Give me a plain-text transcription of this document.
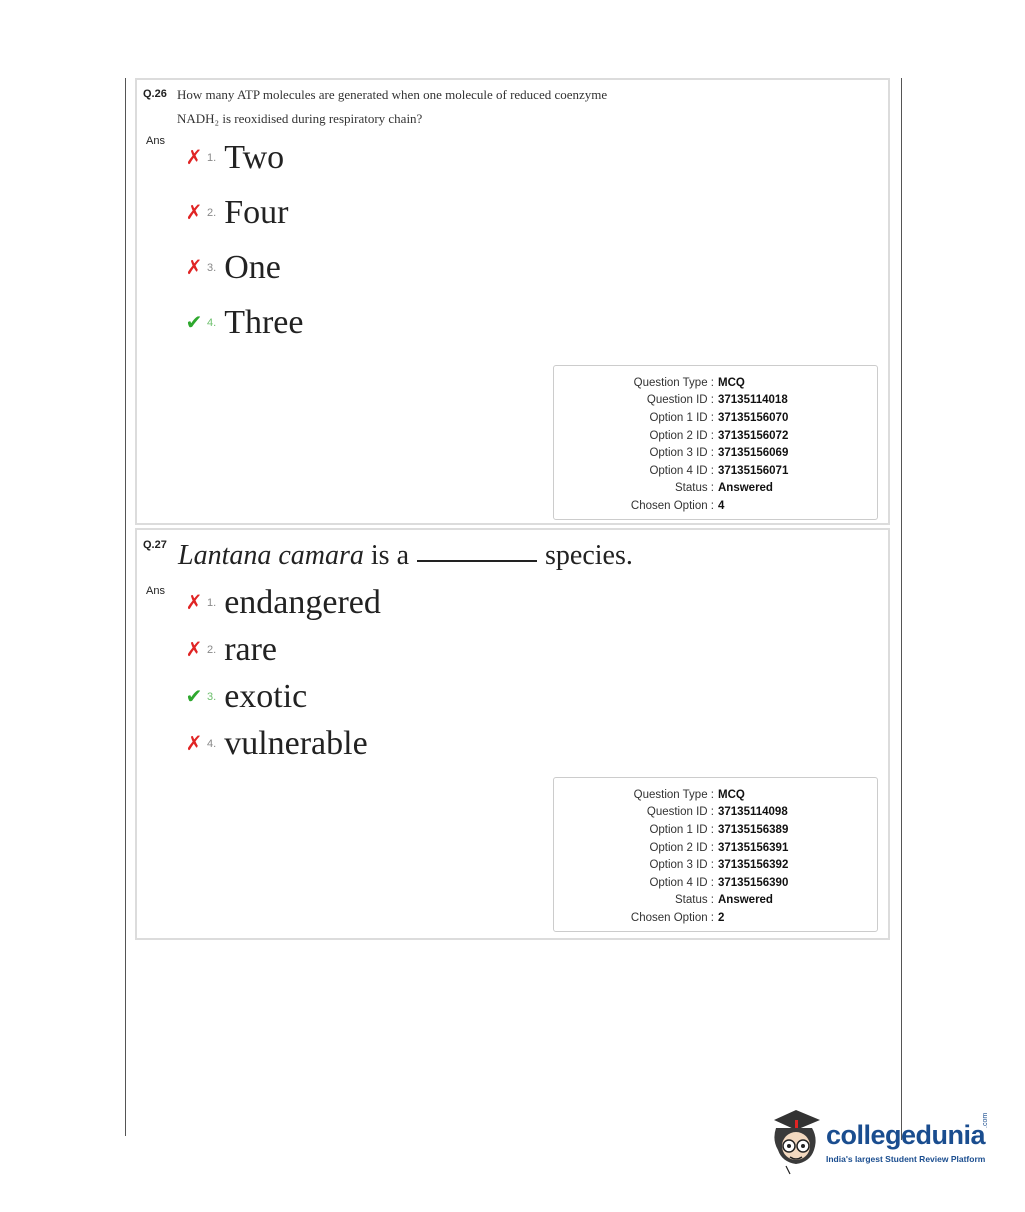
Q.26 How many ATP molecules are generated when one molecule of reduced coenzyme
NADH₂ is reoxidised during respiratory chain?
Ans
✗ 1. Two
✗ 2. Four
✗ 3. One
✔ 4. Three
Question Type : MCQ
Question ID : 37135114018
Option 1 ID : 37135156070
Option 2 ID : 37135156072
Option 3 ID : 37135156069
Option 4 ID : 37135156071
Status : Answered
Chosen Option : 4
Q.27 Lantana camara is a	species.
Ans
✗ 1. endangered
✗ 2. rare
✔ 3. exotic
✗ 4. vulnerable
Question Type : MCQ
Question ID : 37135114098
Option 1 ID : 37135156389
Option 2 ID : 37135156391
Option 3 ID : 37135156392
Option 4 ID : 37135156390
Status : Answered
Chosen Option : 2
collegedunia
.com
India's largest Student Review Platform
